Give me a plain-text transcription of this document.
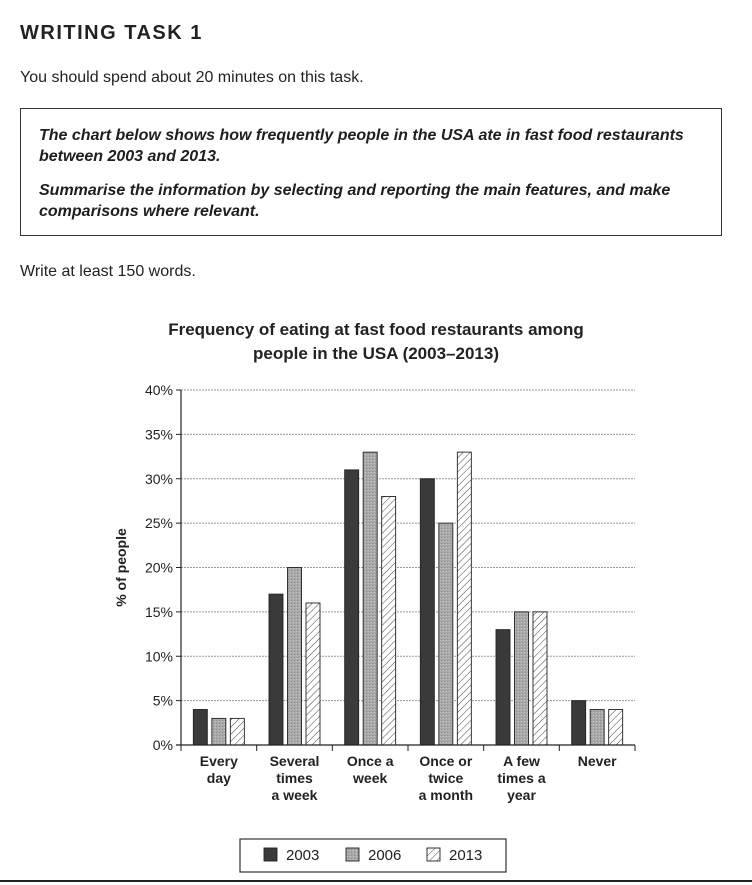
WRITING TASK 1
You should spend about 20 minutes on this task.

The chart below shows how frequently people in the USA ate in fast food restaurants between 2003 and 2013.

Summarise the information by selecting and reporting the main features, and make comparisons where relevant.

Write at least 150 words.
Frequency of eating at fast food restaurants among
people in the USA (2003–2013)
0%
5%
10%
15%
20%
25%
30%
35%
40%
% of people
Every day
Several times a week
Once a week
Once or twice a month
A few times a year
Never
2003	2006	2013
